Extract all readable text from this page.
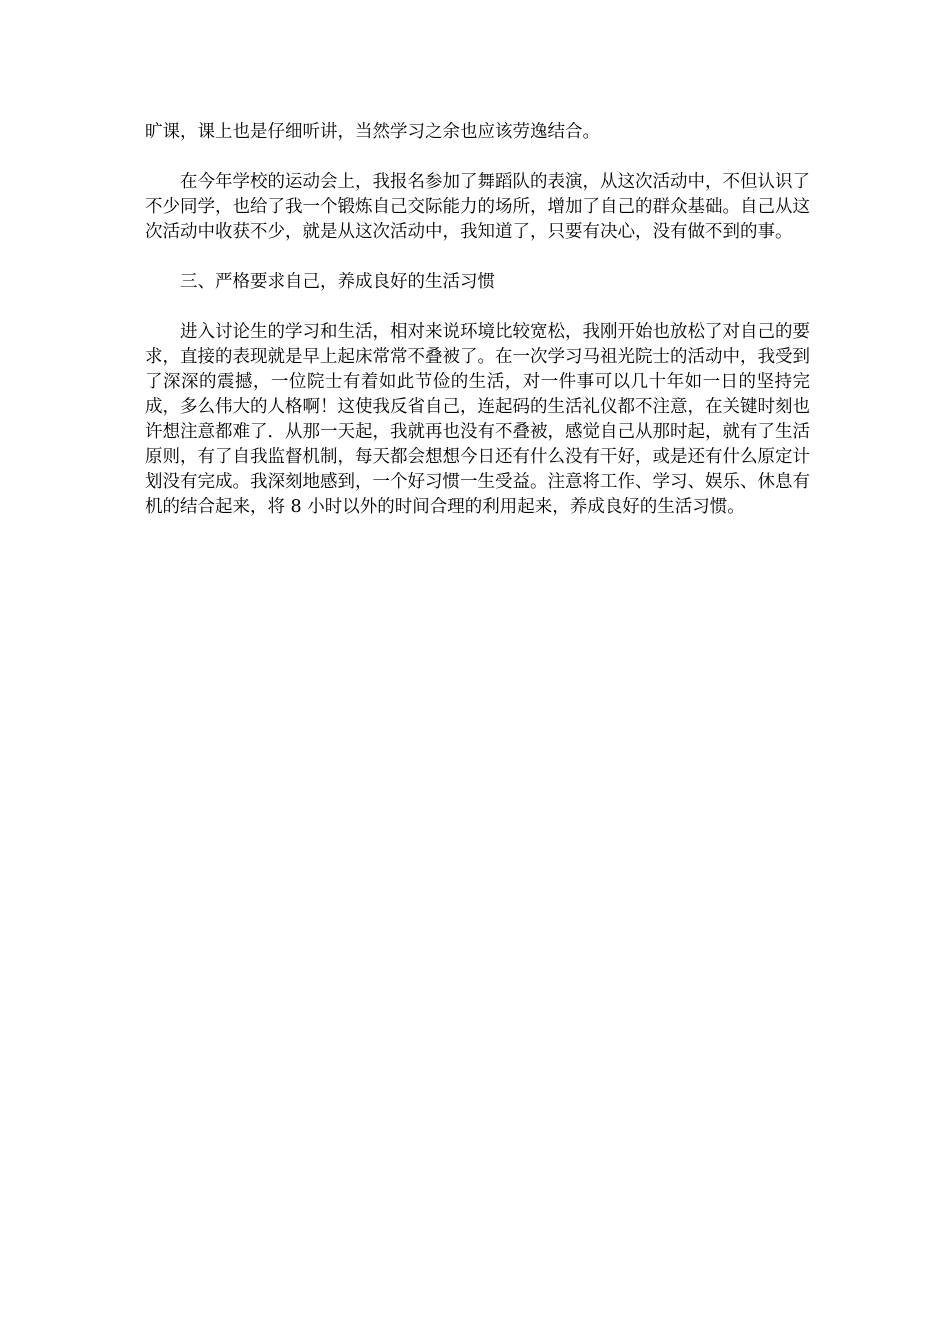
旷课，课上也是仔细听讲，当然学习之余也应该劳逸结合。

在今年学校的运动会上，我报名参加了舞蹈队的表演，从这次活动中，不但认识了不少同学，也给了我一个锻炼自己交际能力的场所，增加了自己的群众基础。自己从这次活动中收获不少，就是从这次活动中，我知道了，只要有决心，没有做不到的事。

三、严格要求自己，养成良好的生活习惯

进入讨论生的学习和生活，相对来说环境比较宽松，我刚开始也放松了对自己的要求，直接的表现就是早上起床常常不叠被了。在一次学习马祖光院士的活动中，我受到了深深的震撼，一位院士有着如此节俭的生活，对一件事可以几十年如一日的坚持完成，多么伟大的人格啊！这使我反省自己，连起码的生活礼仪都不注意，在关键时刻也许想注意都难了．从那一天起，我就再也没有不叠被，感觉自己从那时起，就有了生活原则，有了自我监督机制，每天都会想想今日还有什么没有干好，或是还有什么原定计划没有完成。我深刻地感到，一个好习惯一生受益。注意将工作、学习、娱乐、休息有机的结合起来，将 8 小时以外的时间合理的利用起来，养成良好的生活习惯。
